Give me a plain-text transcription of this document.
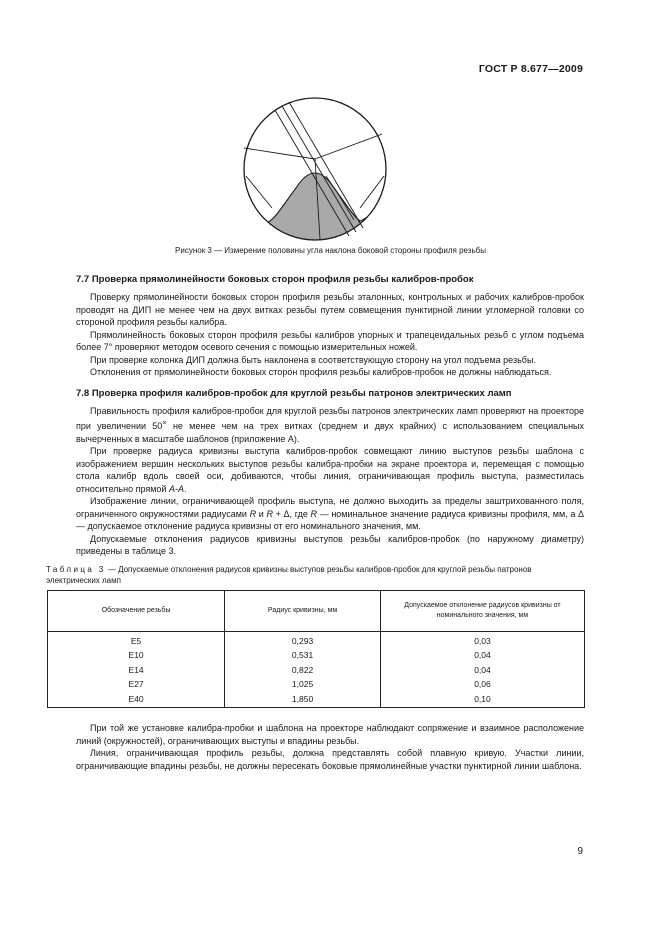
ГОСТ Р 8.677—2009
Рисунок 3 — Измерение половины угла наклона боковой стороны профиля резьбы

7.7 Проверка прямолинейности боковых сторон профиля резьбы калибров-пробок

Проверку прямолинейности боковых сторон профиля резьбы эталонных, контрольных и рабочих калибров-пробок проводят на ДИП не менее чем на двух витках резьбы путем совмещения пунктирной линии угломерной головки со стороной профиля резьбы калибра.

Прямолинейность боковых сторон профиля резьбы калибров упорных и трапецеидальных резьб с углом подъема более 7° проверяют методом осевого сечения с помощью измерительных ножей.

При проверке колонка ДИП должна быть наклонена в соответствующую сторону на угол подъема резьбы.

Отклонения от прямолинейности боковых сторон профиля резьбы калибров-пробок не должны наблюдаться.

7.8 Проверка профиля калибров-пробок для круглой резьбы патронов электрических ламп

Правильность профиля калибров-пробок для круглой резьбы патронов электрических ламп проверяют на проекторе при увеличении 50× не менее чем на трех витках (среднем и двух крайних) с использованием специальных вычерченных в масштабе шаблонов (приложение А).

При проверке радиуса кривизны выступа калибров-пробок совмещают линию выступов резьбы шаблона с изображением вершин нескольких выступов резьбы калибра-пробки на экране проектора и, перемещая с помощью стола калибр вдоль своей оси, добиваются, чтобы линия, ограничивающая профиль выступа, разместилась относительно прямой А-А.

Изображение линии, ограничивающей профиль выступа, не должно выходить за пределы заштрихованного поля, ограниченного окружностями радиусами R и R + Δ, где R — номинальное значение радиуса кривизны профиля, мм, а Δ — допускаемое отклонение радиуса кривизны от его номинального значения, мм.

Допускаемые отклонения радиусов кривизны выступов резьбы калибров-пробок (по наружному диаметру) приведены в таблице 3.

Таблица 3 — Допускаемые отклонения радиусов кривизны выступов резьбы калибров-пробок для круглой резьбы патронов электрических ламп
Обозначение резьбы	Радиус кривизны, мм	Допускаемое отклонение радиусов кривизны от номинального значения, мм
E5	0,293	0,03
E10	0,531	0,04
E14	0,822	0,04
E27	1,025	0,06
E40	1,850	0,10

При той же установке калибра-пробки и шаблона на проекторе наблюдают сопряжение и взаимное расположение линий (окружностей), ограничивающих выступы и впадины резьбы.

Линия, ограничивающая профиль резьбы, должна представлять собой плавную кривую. Участки линии, ограничивающие впадины резьбы, не должны пересекать боковые прямолинейные участки пунктирной линии шаблона.

9
